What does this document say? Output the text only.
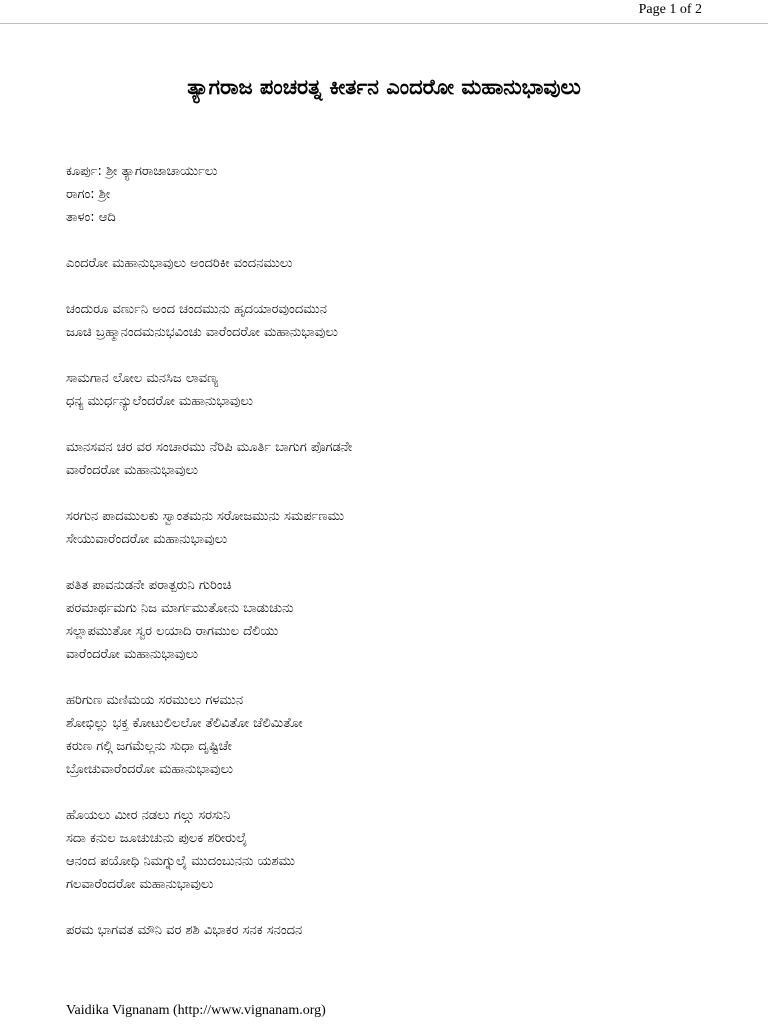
Page 1 of 2
ತ್ಯಾಗರಾಜ ಪಂಚರತ್ನ ಕೀರ್ತನ ಎಂದರೋ ಮಹಾನುಭಾವುಲು
ಕೂರ್ಪು: ಶ್ರೀ ತ್ಯಾಗರಾಜಾಚಾರ್ಯುಲು
ರಾಗಂ: ಶ್ರೀ
ತಾಳಂ: ಆದಿ
ಎಂದರೋ ಮಹಾನುಭಾವುಲು ಅಂದರಿಕೀ ವಂದನಮುಲು
ಚಂದುರೂ ವರ್ಣುನಿ ಅಂದ ಚಂದಮುನು ಹೃದಯಾರವುಂದಮುನ
ಜೂಚಿ ಬ್ರಹ್ಮಾನಂದಮನುಭವಿಂಚು ವಾರೆಂದರೋ ಮಹಾನುಭಾವುಲು
ಸಾಮಗಾನ ಲೋಲ ಮನಸಿಜ ಲಾವಣ್ಯ
ಧನ್ಯ ಮುರ್ಧನ್ಯುಲೆಂದರೋ ಮಹಾನುಭಾವುಲು
ಮಾನಸವನ ಚರ ವರ ಸಂಚಾರಮು ನೆರಿಪಿ ಮೂರ್ತಿ ಬಾಗುಗ ಪೊಗಡನೇ
ವಾರೆಂದರೋ ಮಹಾನುಭಾವುಲು
ಸರಗುನ ಪಾದಮುಲಕು ಸ್ವಾಂತಮನು ಸರೋಜಮುನು ಸಮರ್ಪಣಮು
ಸೇಯುವಾರೆಂದರೋ ಮಹಾನುಭಾವುಲು
ಪತಿತ ಪಾವನುಡನೇ ಪರಾತ್ಪರುನಿ ಗುರಿಂಚಿ
ಪರಮಾರ್ಥಮಗು ನಿಜ ಮಾರ್ಗಮುತೋನು ಬಾಡುಚುನು
ಸಲ್ಲಾಪಮುತೋ ಸ್ವರ ಲಯಾದಿ ರಾಗಮುಲ ದೆಲಿಯು
ವಾರೆಂದರೋ ಮಹಾನುಭಾವುಲು
ಹರಿಗುಣ ಮಣಿಮಯ ಸರಮುಲು ಗಳಮುನ
ಶೋಭಿಲ್ಲು ಭಕ್ತ ಕೋಟುಲಿಲಲೋ ತೆಲಿವಿತೋ ಚೆಲಿಮಿತೋ
ಕರುಣ ಗಲ್ಗಿ ಜಗಮೆಲ್ಲನು ಸುಧಾ ದೃಷ್ಟಿಚೇ
ಬ್ರೋಚುವಾರೆಂದರೋ ಮಹಾನುಭಾವುಲು
ಹೊಯಲು ಮೀರ ನಡಲು ಗಲ್ಗು ಸರಸುನಿ
ಸದಾ ಕನುಲ ಜೂಚುಚುನು ಪುಲಕ ಶರೀರುಲೈ
ಆನಂದ ಪಯೋಧಿ ನಿಮಗ್ನುಲೈ ಮುದಂಬುನನು ಯಶಮು
ಗಲವಾರೆಂದರೋ ಮಹಾನುಭಾವುಲು
ಪರಮ ಭಾಗವತ ಮೌನಿ ವರ ಶಶಿ ವಿಭಾಕರ ಸನಕ ಸನಂದನ
Vaidika Vignanam (http://www.vignanam.org)
